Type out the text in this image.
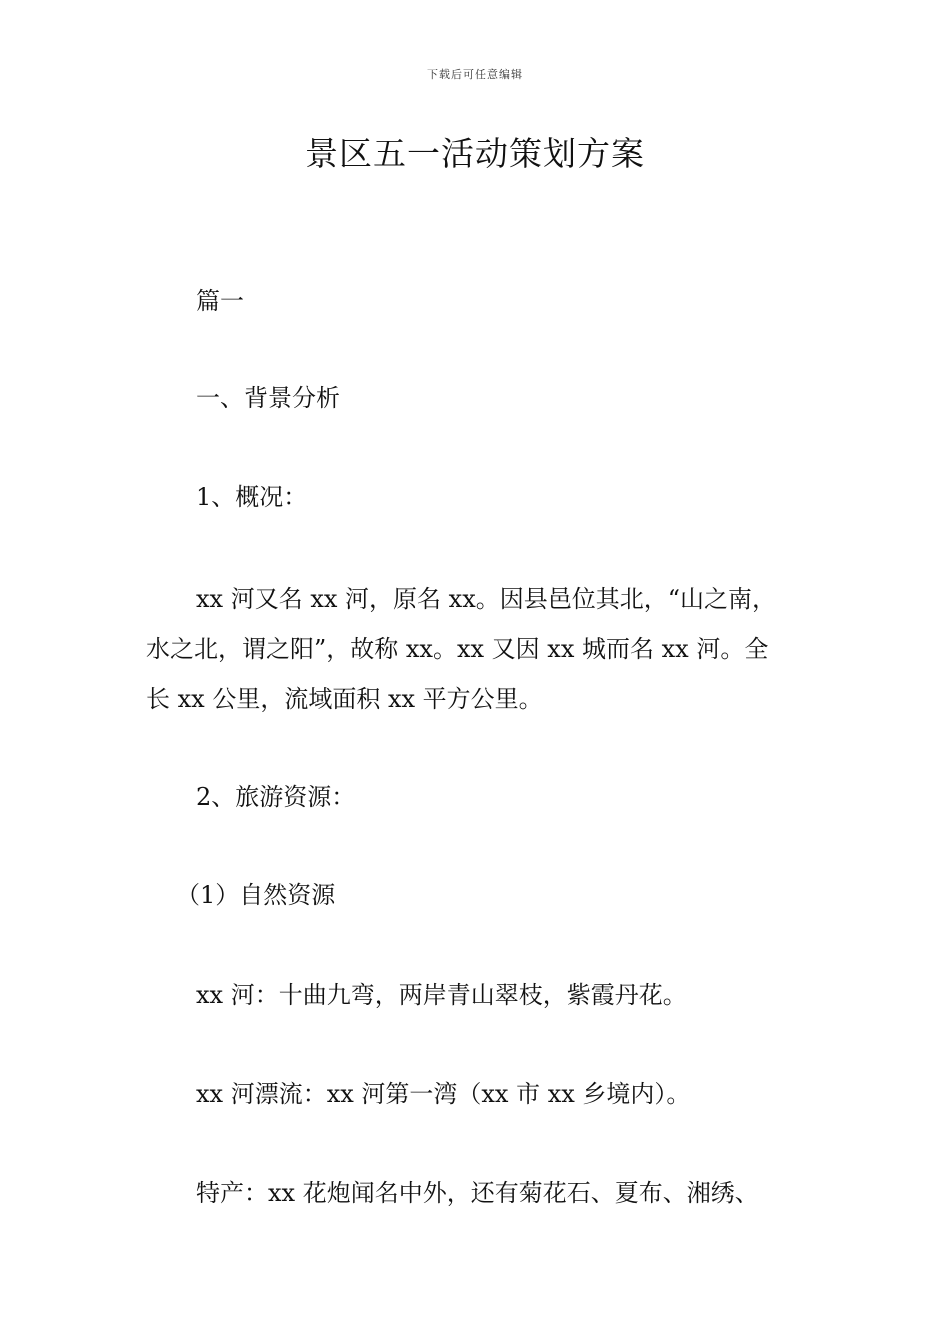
下载后可任意编辑
景区五一活动策划方案
篇一
一、背景分析
1、概况：
xx 河又名 xx 河，原名 xx。因县邑位其北，“山之南，
水之北，谓之阳”，故称 xx。xx 又因 xx 城而名 xx 河。全
长 xx 公里，流域面积 xx 平方公里。
2、旅游资源：
（1）自然资源
xx 河：十曲九弯，两岸青山翠枝，紫霞丹花。
xx 河漂流：xx 河第一湾（xx 市 xx 乡境内）。
特产：xx 花炮闻名中外，还有菊花石、夏布、湘绣、
